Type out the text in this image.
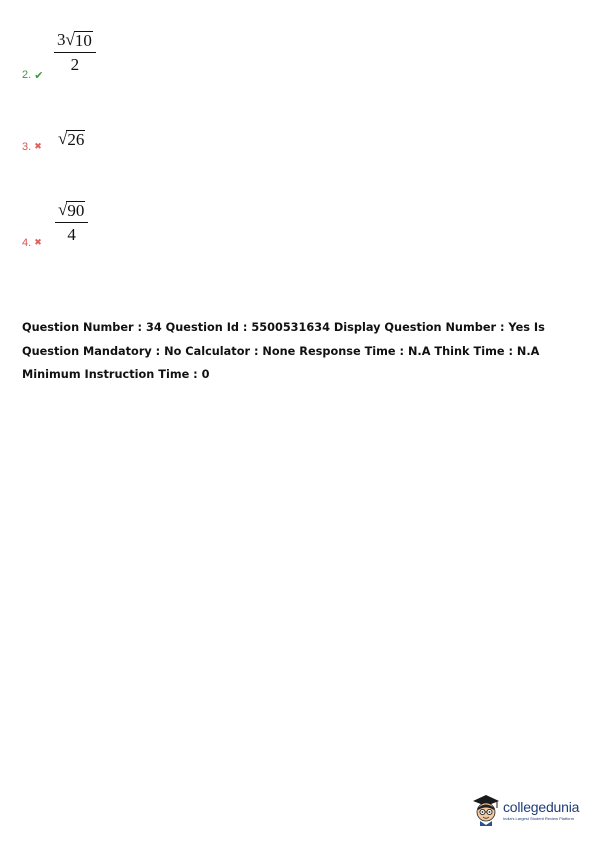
2. ✔ $\frac{3 √ 10}{2}$
3. ✖ √ 26
4. ✖ $\frac{√ 90}{4}$
Question Number : 34 Question Id : 5500531634 Display Question Number : Yes Is Question Mandatory : No Calculator : None Response Time : N.A Think Time : N.A Minimum Instruction Time : 0
collegedunia
India's Largest Student Review Platform
